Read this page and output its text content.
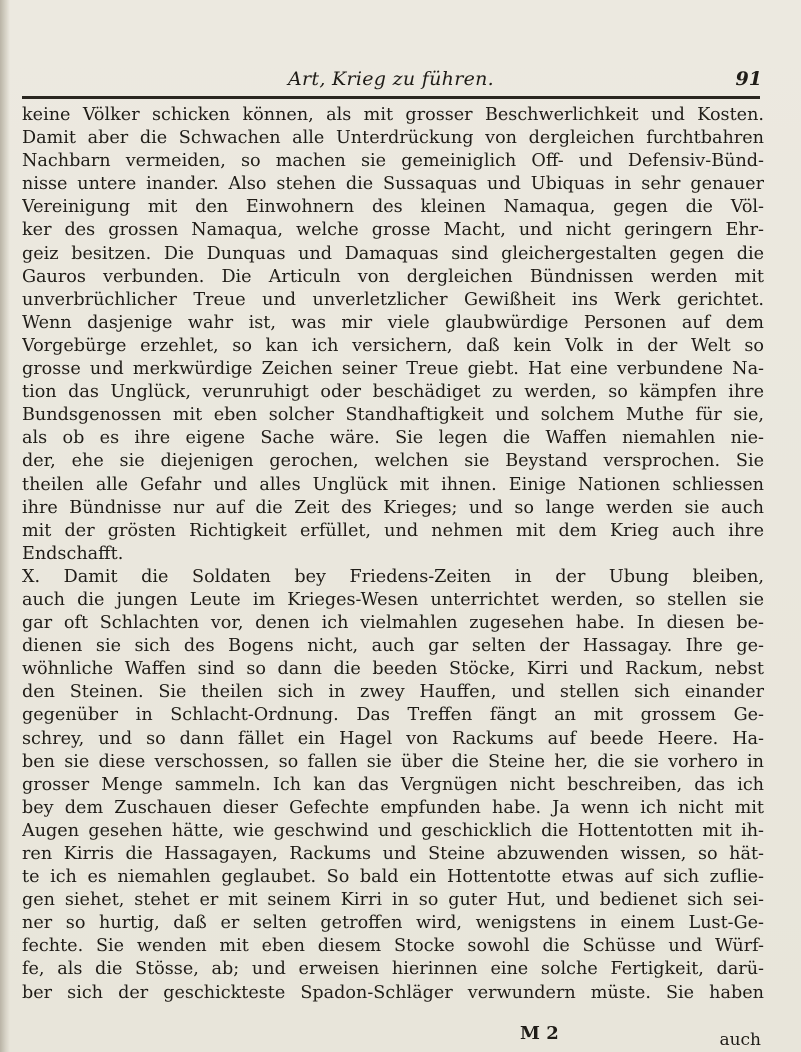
Art, Krieg zu führen.	91
keine Völker schicken können, als mit grosser Beschwerlichkeit und Kosten.
Damit aber die Schwachen alle Unterdrückung von dergleichen furchtbahren
Nachbarn vermeiden, so machen sie gemeiniglich Off- und Defensiv-Bünd-
nisse untere inander. Also stehen die Sussaquas und Ubiquas in sehr genauer
Vereinigung mit den Einwohnern des kleinen Namaqua, gegen die Völ-
ker des grossen Namaqua, welche grosse Macht, und nicht geringern Ehr-
geiz besitzen. Die Dunquas und Damaquas sind gleichergestalten gegen die
Gauros verbunden. Die Articuln von dergleichen Bündnissen werden mit
unverbrüchlicher Treue und unverletzlicher Gewißheit ins Werk gerichtet.
Wenn dasjenige wahr ist, was mir viele glaubwürdige Personen auf dem
Vorgebürge erzehlet, so kan ich versichern, daß kein Volk in der Welt so
grosse und merkwürdige Zeichen seiner Treue giebt. Hat eine verbundene Na-
tion das Unglück, verunruhigt oder beschädiget zu werden, so kämpfen ihre
Bundsgenossen mit eben solcher Standhaftigkeit und solchem Muthe für sie,
als ob es ihre eigene Sache wäre. Sie legen die Waffen niemahlen nie-
der, ehe sie diejenigen gerochen, welchen sie Beystand versprochen. Sie
theilen alle Gefahr und alles Unglück mit ihnen. Einige Nationen schliessen
ihre Bündnisse nur auf die Zeit des Krieges; und so lange werden sie auch
mit der grösten Richtigkeit erfüllet, und nehmen mit dem Krieg auch ihre
Endschafft.
X. Damit die Soldaten bey Friedens-Zeiten in der Ubung bleiben,
auch die jungen Leute im Krieges-Wesen unterrichtet werden, so stellen sie
gar oft Schlachten vor, denen ich vielmahlen zugesehen habe. In diesen be-
dienen sie sich des Bogens nicht, auch gar selten der Hassagay. Ihre ge-
wöhnliche Waffen sind so dann die beeden Stöcke, Kirri und Rackum, nebst
den Steinen. Sie theilen sich in zwey Hauffen, und stellen sich einander
gegenüber in Schlacht-Ordnung. Das Treffen fängt an mit grossem Ge-
schrey, und so dann fället ein Hagel von Rackums auf beede Heere. Ha-
ben sie diese verschossen, so fallen sie über die Steine her, die sie vorhero in
grosser Menge sammeln. Ich kan das Vergnügen nicht beschreiben, das ich
bey dem Zuschauen dieser Gefechte empfunden habe. Ja wenn ich nicht mit
Augen gesehen hätte, wie geschwind und geschicklich die Hottentotten mit ih-
ren Kirris die Hassagayen, Rackums und Steine abzuwenden wissen, so hät-
te ich es niemahlen geglaubet. So bald ein Hottentotte etwas auf sich zuflie-
gen siehet, stehet er mit seinem Kirri in so guter Hut, und bedienet sich sei-
ner so hurtig, daß er selten getroffen wird, wenigstens in einem Lust-Ge-
fechte. Sie wenden mit eben diesem Stocke sowohl die Schüsse und Würf-
fe, als die Stösse, ab; und erweisen hierinnen eine solche Fertigkeit, darü-
ber sich der geschickteste Spadon-Schläger verwundern müste. Sie haben
M 2	auch
